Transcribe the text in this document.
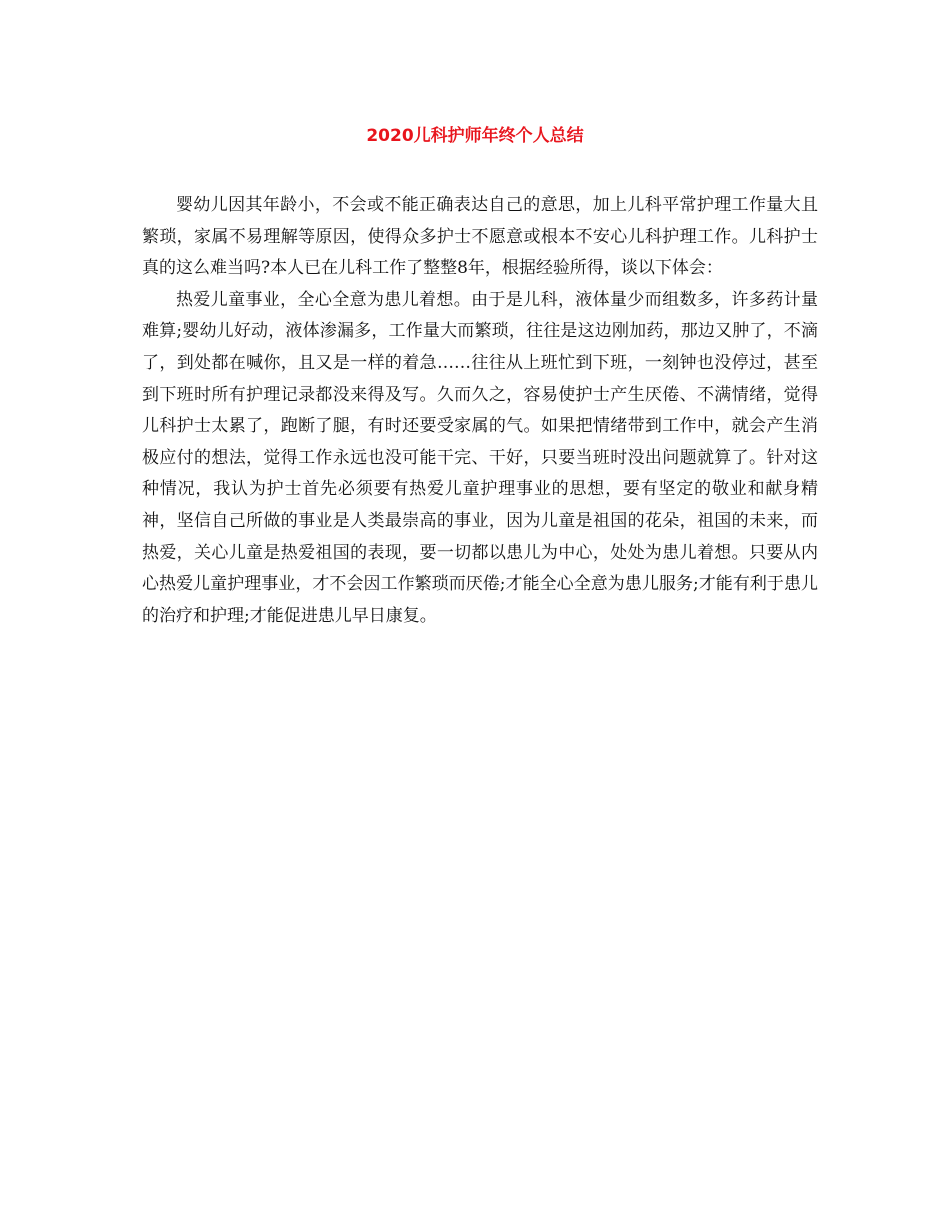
2020儿科护师年终个人总结

婴幼儿因其年龄小，不会或不能正确表达自己的意思，加上儿科平常护理工作量大且繁琐，家属不易理解等原因，使得众多护士不愿意或根本不安心儿科护理工作。儿科护士真的这么难当吗?本人已在儿科工作了整整8年，根据经验所得，谈以下体会：

热爱儿童事业，全心全意为患儿着想。由于是儿科，液体量少而组数多，许多药计量难算;婴幼儿好动，液体渗漏多，工作量大而繁琐，往往是这边刚加药，那边又肿了，不滴了，到处都在喊你，且又是一样的着急……往往从上班忙到下班，一刻钟也没停过，甚至到下班时所有护理记录都没来得及写。久而久之，容易使护士产生厌倦、不满情绪，觉得儿科护士太累了，跑断了腿，有时还要受家属的气。如果把情绪带到工作中，就会产生消极应付的想法，觉得工作永远也没可能干完、干好，只要当班时没出问题就算了。针对这种情况，我认为护士首先必须要有热爱儿童护理事业的思想，要有坚定的敬业和献身精神，坚信自己所做的事业是人类最崇高的事业，因为儿童是祖国的花朵，祖国的未来，而热爱，关心儿童是热爱祖国的表现，要一切都以患儿为中心，处处为患儿着想。只要从内心热爱儿童护理事业，才不会因工作繁琐而厌倦;才能全心全意为患儿服务;才能有利于患儿的治疗和护理;才能促进患儿早日康复。
